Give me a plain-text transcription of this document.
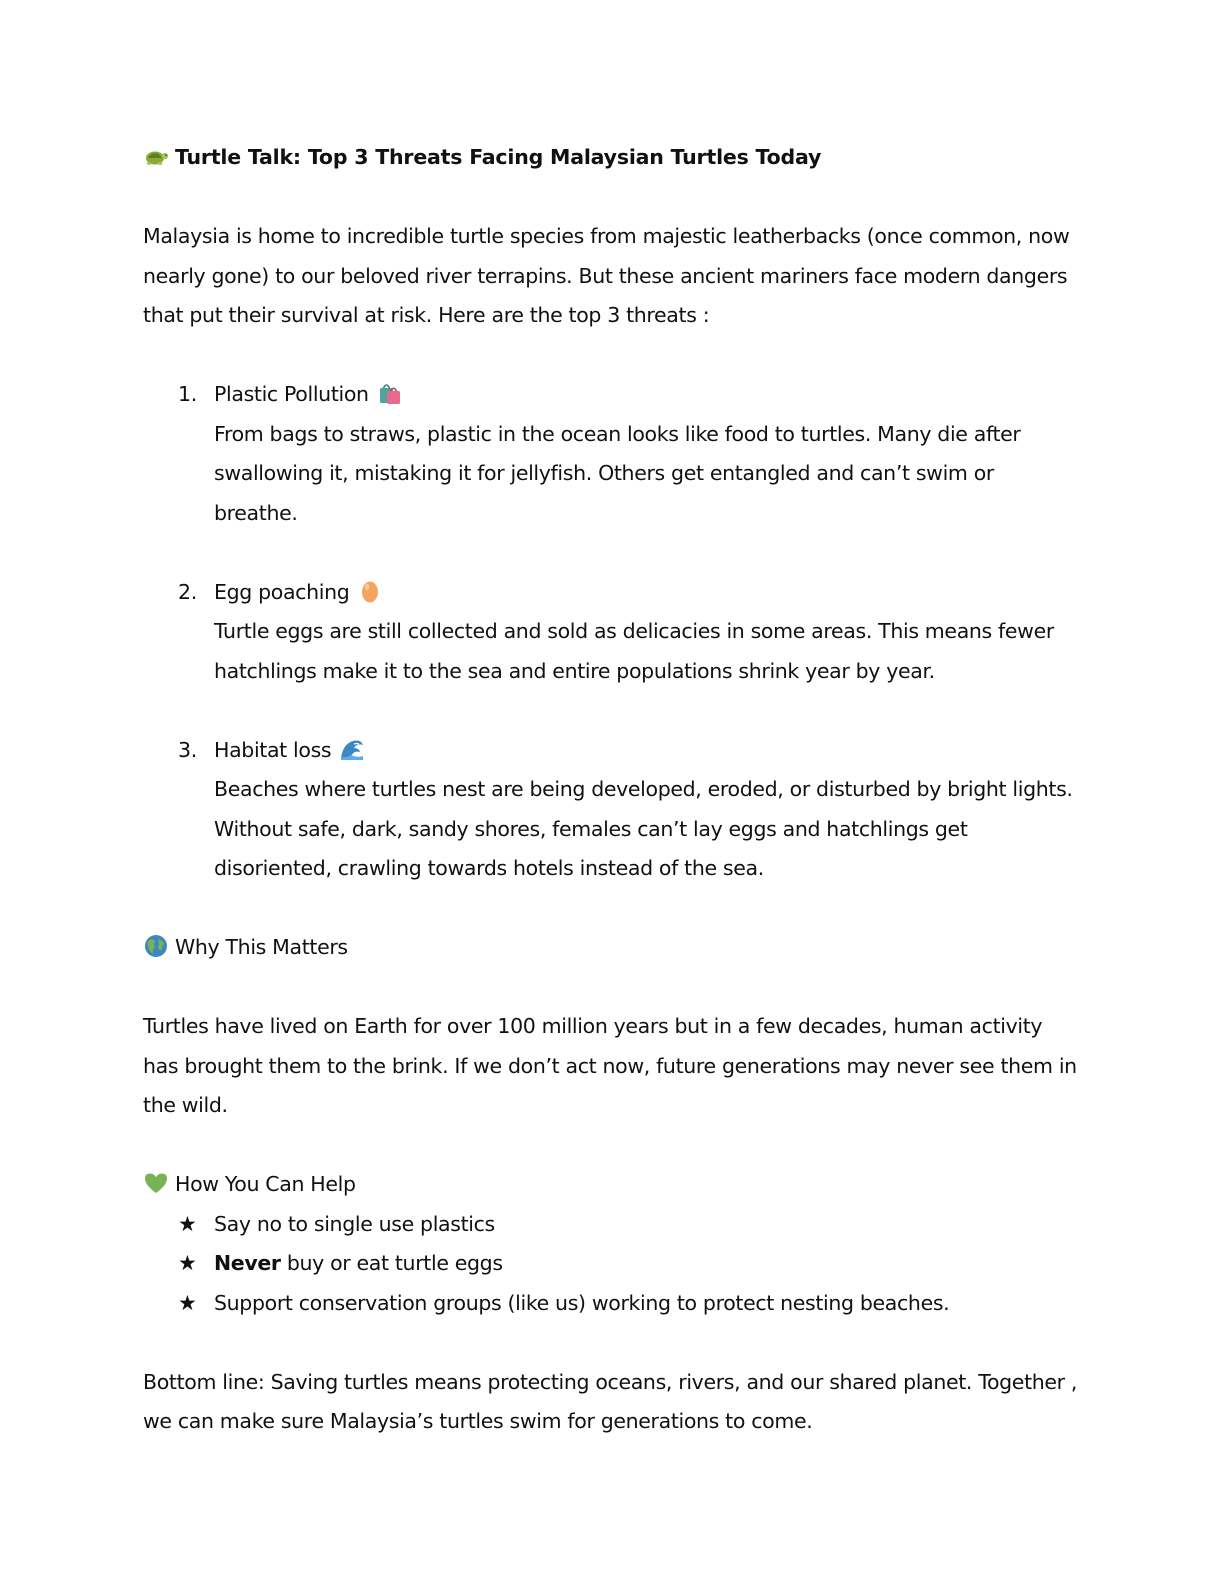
Turtle Talk: Top 3 Threats Facing Malaysian Turtles Today

Malaysia is home to incredible turtle species from majestic leatherbacks (once common, now nearly gone) to our beloved river terrapins. But these ancient mariners face modern dangers that put their survival at risk. Here are the top 3 threats :

1. Plastic Pollution
From bags to straws, plastic in the ocean looks like food to turtles. Many die after swallowing it, mistaking it for jellyfish. Others get entangled and can’t swim or breathe.
2. Egg poaching
Turtle eggs are still collected and sold as delicacies in some areas. This means fewer hatchlings make it to the sea and entire populations shrink year by year.
3. Habitat loss
Beaches where turtles nest are being developed, eroded, or disturbed by bright lights. Without safe, dark, sandy shores, females can’t lay eggs and hatchlings get disoriented, crawling towards hotels instead of the sea.

Why This Matters

Turtles have lived on Earth for over 100 million years but in a few decades, human activity has brought them to the brink. If we don’t act now, future generations may never see them in the wild.

How You Can Help

★ Say no to single use plastics
★ Never buy or eat turtle eggs
★ Support conservation groups (like us) working to protect nesting beaches.

Bottom line: Saving turtles means protecting oceans, rivers, and our shared planet. Together , we can make sure Malaysia’s turtles swim for generations to come.
